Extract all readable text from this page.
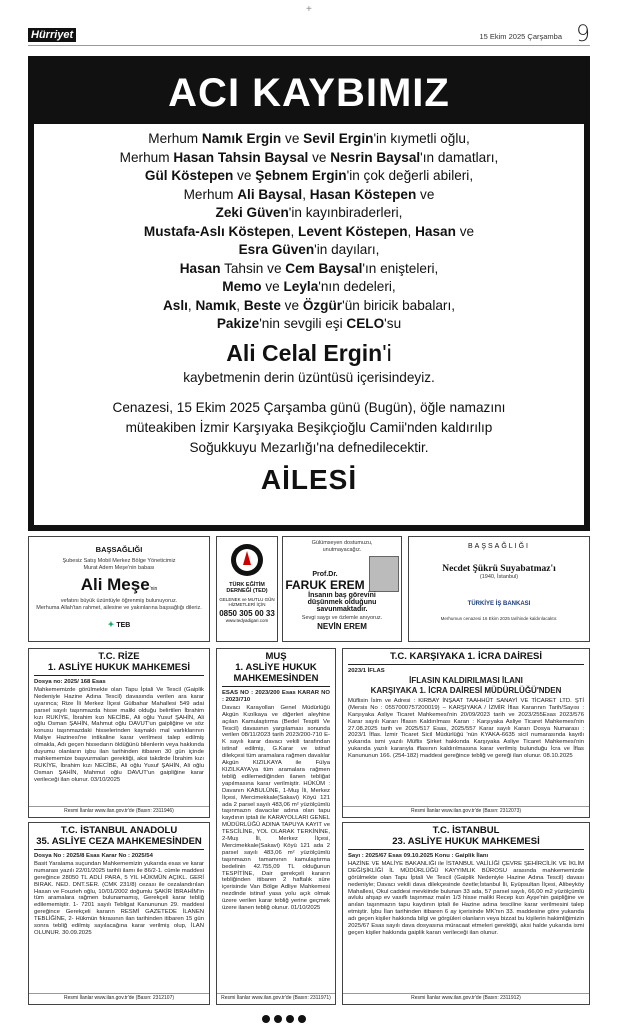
Hürriyet	15 Ekim 2025 Çarşamba 9
+
ACI KAYBIMIZ
Merhum Namık Ergin ve Sevil Ergin'in kıymetli oğlu,
Merhum Hasan Tahsin Baysal ve Nesrin Baysal'ın damatları,
Gül Köstepen ve Şebnem Ergin'in çok değerli abileri,
Merhum Ali Baysal, Hasan Köstepen ve
Zeki Güven'in kayınbiraderleri,
Mustafa-Aslı Köstepen, Levent Köstepen, Hasan ve
Esra Güven'in dayıları,
Hasan Tahsin ve Cem Baysal'ın enişteleri,
Memo ve Leyla'nın dedeleri,
Aslı, Namık, Beste ve Özgür'ün biricik babaları,
Pakize'nin sevgili eşi CELO'su
Ali Celal Ergin'i
kaybetmenin derin üzüntüsü içerisindeyiz.
Cenazesi, 15 Ekim 2025 Çarşamba günü (Bugün), öğle namazını
müteakiben İzmir Karşıyaka Beşikçioğlu Camii'nden kaldırılıp
Soğukkuyu Mezarlığı'na defnedilecektir.
AİLESİ
BAŞSAĞLIĞI
Şubesiz Satış Mobil Merkez Bölge Yöneticimiz
Murat Adem Meşe'nin babası
Ali Meşe'nin
vefatını büyük üzüntüyle öğrenmiş bulunuyoruz.
Merhuma Allah'tan rahmet, ailesine ve yakınlarına başsağlığı dileriz.
✦ TEB
TÜRK EĞİTİM
DERNEĞİ (TED)
GELENEK ve MUTLU GÜN HİZMETLERİ İÇİN
0850 305 00 33
www.tedyadigari.com
Gülümseyen dostumuzu,
unutmayacağız.
Prof.Dr.
FARUK EREM
İnsanın baş görevini
düşünmek olduğunu
savunmaktadır.
Sevgi saygı ve özlemle anıyoruz.
NEVİN EREM
BAŞSAĞLIĞI
Necdet Şükrü Suyabatmaz'ı
(1940, İstanbul)
TÜRKİYE İŞ BANKASI
Merhumun cenazesi 16 Ekim 2025 tarihinde kaldırılacaktır.
T.C. RİZE
1. ASLİYE HUKUK MAHKEMESİ

Dosya no: 2025/ 168 Esas

Mahkememizde görülmekte olan Tapu İptali Ve Tescil (Gaiplik Nedeniyle Hazine Adına Tescil) davasında verilen ara karar uyarınca; Rize İli Merkez İlçesi Gülbahar Mahallesi 549 adai parsel sayılı taşınmazda hisse maliki olduğu belirtilen İbrahim kızı RUKİYE, İbrahim kızı NECİBE, Ali oğlu Yusuf ŞAHİN, Ali oğlu Osman ŞAHİN, Mahmut oğlu DAVUT'un gaipliğine ve söz konusu taşınmazdaki hisselerinden kaynaklı mal varlıklarının Maliye Hazinesi'ne intikaline karar verilmesi talep edilmiş olmakla, Adı geçen hissedarın öldüğünü bilenlerin veya hakkında duyumu olanların işbu ilan tarihinden itibaren 30 gün içinde mahkememize başvurmaları gerektiği, aksi takdirde İbrahim kızı RUKİYE, İbrahim kızı NECİBE, Ali oğlu Yusuf ŞAHİN, Ali oğlu Osman ŞAHİN, Mahmut oğlu DAVUT'un gaipliğine karar verileceği ilan olunur. 03/10/2025

Resmi İlanlar www.ilan.gov.tr'de (Basın: 2311946)
T.C. İSTANBUL ANADOLU
35. ASLİYE CEZA MAHKEMESİNDEN

Dosya No : 2025/8 Esas Karar No : 2025/54

Basit Yaralama suçundan Mahkememizin yukarıda esas ve karar numarası yazılı 22/01/2025 tarihli ilamı ile 86/2-1. cümle maddesi gereğince 28050 TL ADLİ PARA, 5 YIL HÜKMÜN AÇIKL. GERİ BIRAK. NED. DNT.SER. (CMK 231/8) cezası ile cezalandırılan Hasan ve Fouzieh oğlu, 10/01/2002 doğumlu ŞAKİR İBRAHİM'in tüm aramalara rağmen bulunamamış, Gerekçeli karar tebliğ edilememiştir. 1- 7201 sayılı Tebligat Kanununun 29. maddesi gereğince Gerekçeli kararın RESMİ GAZETEDE İLANEN TEBLİĞİNE, 2- Hükmün fıkrasının ilan tarihinden itibaren 15 gün sonra tebliğ edilmiş sayılacağına karar verilmiş olup, İLAN OLUNUR. 30.09.2025

Resmi İlanlar www.ilan.gov.tr'de (Basın: 2312107)
MUŞ
1. ASLİYE HUKUK MAHKEMESİNDEN

ESAS NO : 2023/200 Esas KARAR NO : 2023/710

Davacı Karayolları Genel Müdürlüğü Akgün Kızılkaya ve diğerleri aleyhine açılan Kamulaştırma (Bedel Tespiti Ve Tescil) davasının yargılaması sonunda verilen 08/11/2023 tarih 2023/200-710 E-K sayılı karar davacı vekili tarafından istinaf edilmiş, G.Karar ve istinaf dilekçesi tüm aramalara rağmen davalılar Akgün KIZILKAYA ile Fülya KIZILKAYA'ya tüm aramalara rağmen tebliğ edilemediğinden ilanen tebliğat yapılmasına karar verilmiştir. HÜKÜM : Davanın KABULÜNE, 1-Muş İli, Merkez İlçesi, Mercimekkale(Sakavi) Köyü 121 ada 2 parsel sayılı 483,06 m² yüzölçümlü taşınmazın davacılar adına olan tapu kaydının iptali ile KARAYOLLARI GENEL MÜDÜRLÜĞÜ ADINA TAPUYA KAYIT ve TESCİLİNE, YOL OLARAK TERKİNİNE, 2-Muş İli, Merkez İlçesi, Mercimekkale(Sakavi) Köyü 121 ada 2 parsel sayılı 483,06 m² yüzölçümlü taşınmazın tamamının kamulaştırma bedelinin 42.755,09 TL olduğunun TESPİTİNE, Dair gerekçeli kararın tebliğinden itibaren 2 haftalık süre içerisinde Van Bölge Adliye Mahkemesi nezdinde istinaf yasa yolu açık olmak üzere verilen karar tebliğ yerine geçmek üzere ilanen tebliğ olunur. 01/10/2025

Resmi İlanlar www.ilan.gov.tr'de (Basın: 2311971)
T.C. KARŞIYAKA 1. İCRA DAİRESİ

2023/1 İFLAS

İFLASIN KALDIRILMASI İLANI
KARŞIYAKA 1. İCRA DAİRESİ MÜDÜRLÜĞÜ'NDEN

Müflisin İsim ve Adresi : KIRBAY İNŞAAT TAAHHÜT SANAYİ VE TİCARET LTD. ŞTİ (Mersis No : 0557000757200019) – KARŞIYAKA / İZMİR İflas Kararının Tarih/Sayısı : Karşıyaka Asliye Ticaret Mahkemesi'nin 20/09/2023 tarih ve 2023/255Esas 2023/576 Karar sayılı Kararı İflasın Kaldırılması Kararı : Karşıyaka Asliye Ticaret Mahkemesi'nin 27.08.2025 tarih ve 2025/517 Esas, 2025/557 Karar sayılı Kararı Dosya Numarası : 2023/1 İflas. İzmir Ticaret Sicil Müdürlüğü 'nün KYAKA-6635 sicil numarasında kayıtlı yukarıda ismi yazılı Müflis Şirket hakkında Karşıyaka Asliye Ticaret Mahkemesi'nin yukarıda yazılı kararıyla iflasının kaldırılmasına karar verilmiş bulunduğu İcra ve İflas Kanununun 166. (254-182) maddesi gereğince tebliğ ve gereği ilan olunur. 08.10.2025

Resmi İlanlar www.ilan.gov.tr'de (Basın: 2312073)
T.C. İSTANBUL
23. ASLİYE HUKUK MAHKEMESİ

Sayı : 2025/67 Esas 09.10.2025 Konu : Gaiplik İlanı

HAZİNE VE MALİYE BAKANLIĞI ile İSTANBUL VALİLİĞİ ÇEVRE ŞEHİRCİLİK VE İKLİM DEĞİŞİKLİĞİ İL MÜDÜRLÜĞÜ KAYYIMLIK BÜROSU arasında mahkememizde görülmekte olan Tapu İptali Ve Tescil (Gaiplik Nedeniyle Hazine Adına Tescil) davası nedeniyle; Davacı vekili dava dilekçesinde özetle;İstanbul İli, Eyüpsultan İlçesi, Alibeyköy Mahallesi, Okul caddesi mevkiinde bulunan 33 ada, 57 parsel sayılı, 66,00 m2 yüzölçümlü avlulu ahşap ev vasıflı taşınmaz malın 1/3 hisse maliki Recep kızı Ayşe'nin gaipliğine ve anılan taşınmazın tapu kaydının iptali ile Hazine adına tesciline karar verilmesini talep etmiştir. İşbu İlan tarihinden itibaren 6 ay içerisinde MK'nın 33. maddesine göre yukarıda adı geçen kişiler hakkında bilgi ve görgüleri olanların veya bizzat bu kişilerin hakimliğimizin 2025/67 Esas sayılı dava dosyasına müracaat etmeleri gerektiği, aksi halde yukarıda ismi geçen kişiler hakkında gaiplik kararı verileceği ilan olunur.

Resmi İlanlar www.ilan.gov.tr'de (Basın: 2311912)
